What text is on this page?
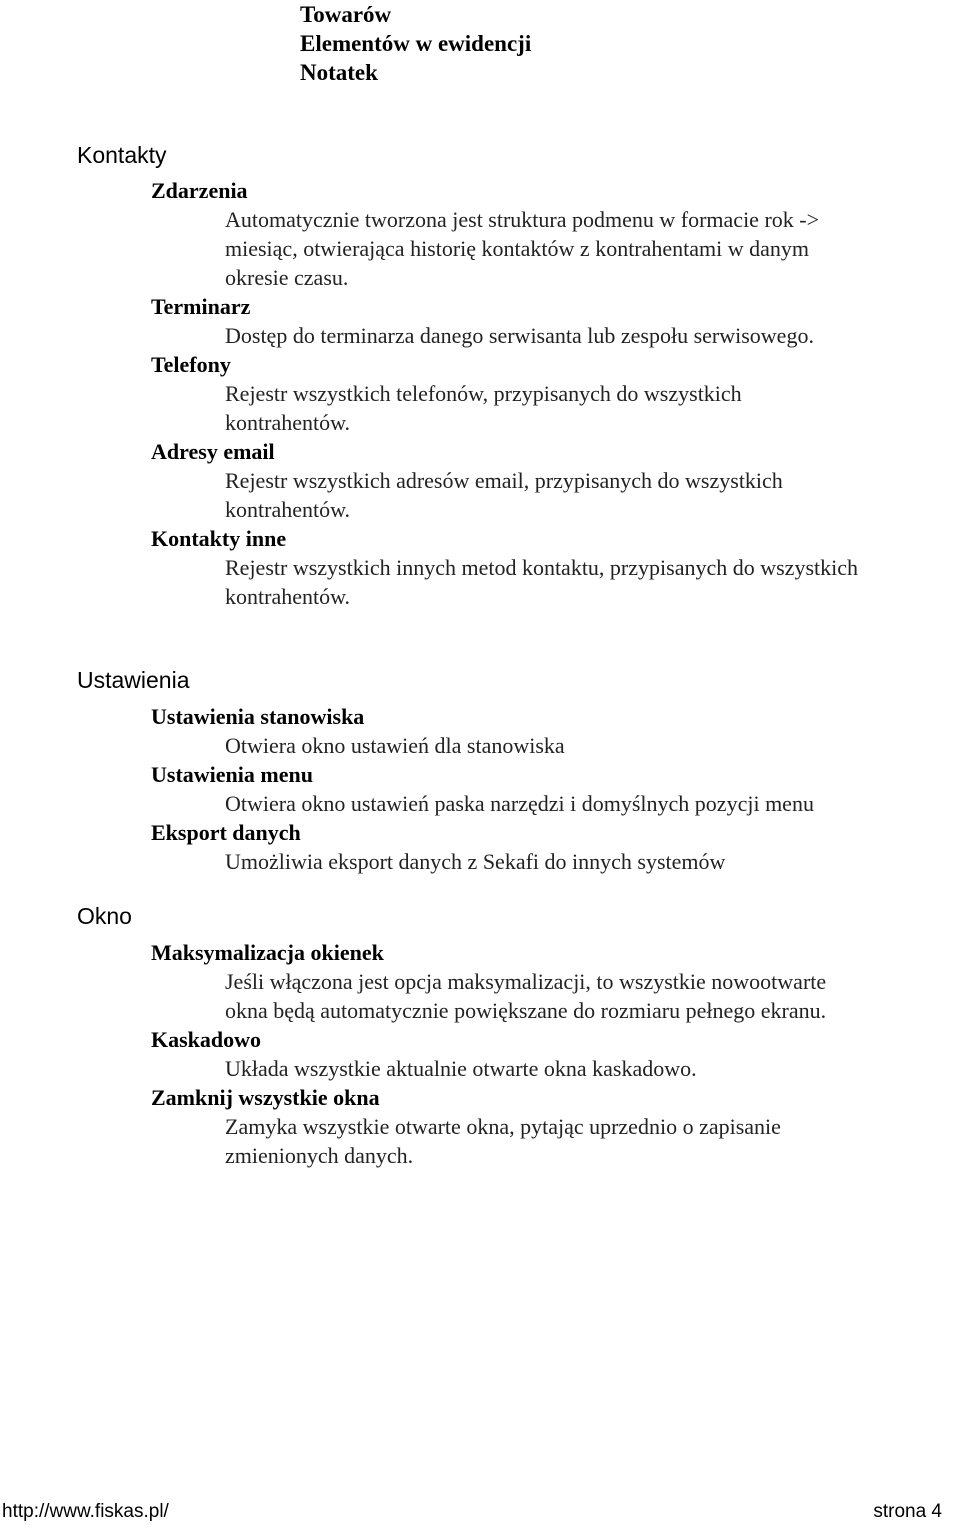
Towarów
Elementów w ewidencji
Notatek
Kontakty
Zdarzenia
Automatycznie tworzona jest struktura podmenu w formacie rok ->
miesiąc, otwierająca historię kontaktów z kontrahentami w danym
okresie czasu.
Terminarz
Dostęp do terminarza danego serwisanta lub zespołu serwisowego.
Telefony
Rejestr wszystkich telefonów, przypisanych do wszystkich
kontrahentów.
Adresy email
Rejestr wszystkich adresów email, przypisanych do wszystkich
kontrahentów.
Kontakty inne
Rejestr wszystkich innych metod kontaktu, przypisanych do wszystkich
kontrahentów.
Ustawienia
Ustawienia stanowiska
Otwiera okno ustawień dla stanowiska
Ustawienia menu
Otwiera okno ustawień paska narzędzi i domyślnych pozycji menu
Eksport danych
Umożliwia eksport danych z Sekafi do innych systemów
Okno
Maksymalizacja okienek
Jeśli włączona jest opcja maksymalizacji, to wszystkie nowootwarte
okna będą automatycznie powiększane do rozmiaru pełnego ekranu.
Kaskadowo
Układa wszystkie aktualnie otwarte okna kaskadowo.
Zamknij wszystkie okna
Zamyka wszystkie otwarte okna, pytając uprzednio o zapisanie
zmienionych danych.
http://www.fiskas.pl/	strona 4
